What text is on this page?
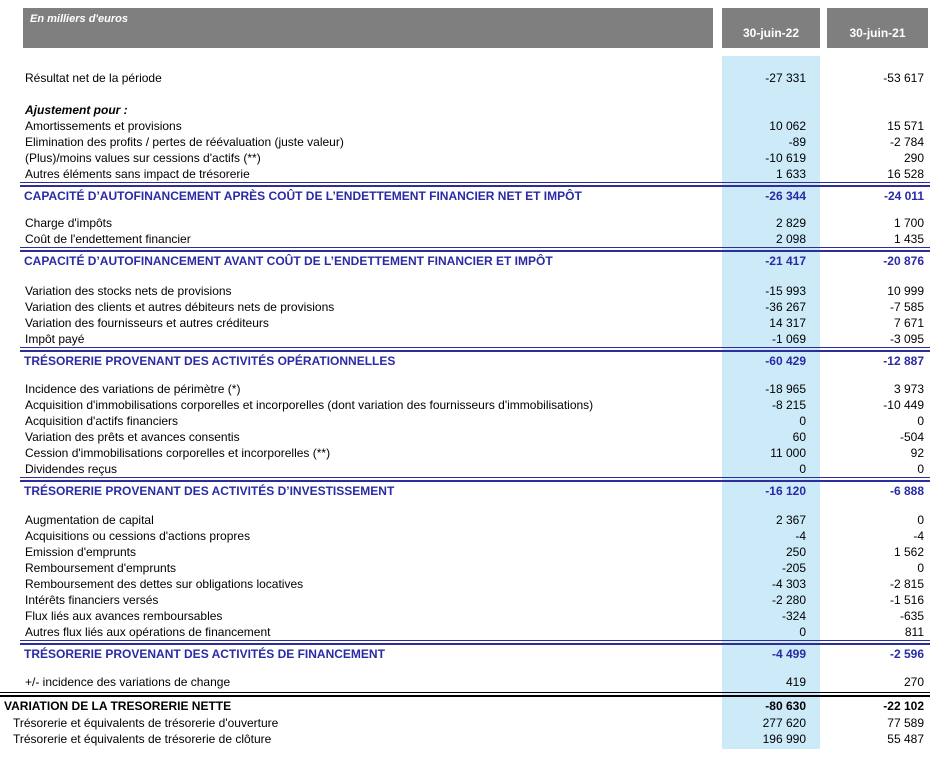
En milliers d'euros
30-juin-22	30-juin-21
Résultat net de la période	-27 331	-53 617
Ajustement pour :
Amortissements et provisions	10 062	15 571
Elimination des profits / pertes de réévaluation (juste valeur)	-89	-2 784
(Plus)/moins values sur cessions d'actifs (**)	-10 619	290
Autres éléments sans impact de trésorerie	1 633	16 528
CAPACITÉ D’AUTOFINANCEMENT APRÈS COÛT DE L’ENDETTEMENT FINANCIER NET ET IMPÔT	-26 344	-24 011
Charge d'impôts	2 829	1 700
Coût de l'endettement financier	2 098	1 435
CAPACITÉ D’AUTOFINANCEMENT AVANT COÛT DE L’ENDETTEMENT FINANCIER ET IMPÔT	-21 417	-20 876
Variation des stocks nets de provisions	-15 993	10 999
Variation des clients et autres débiteurs nets de provisions	-36 267	-7 585
Variation des fournisseurs et autres créditeurs	14 317	7 671
Impôt payé	-1 069	-3 095
TRÉSORERIE PROVENANT DES ACTIVITÉS OPÉRATIONNELLES	-60 429	-12 887
Incidence des variations de périmètre (*)	-18 965	3 973
Acquisition d'immobilisations corporelles et incorporelles (dont variation des fournisseurs d'immobilisations)	-8 215	-10 449
Acquisition d'actifs financiers	0	0
Variation des prêts et avances consentis	60	-504
Cession d'immobilisations corporelles et incorporelles (**)	11 000	92
Dividendes reçus	0	0
TRÉSORERIE PROVENANT DES ACTIVITÉS D’INVESTISSEMENT	-16 120	-6 888
Augmentation de capital	2 367	0
Acquisitions ou cessions d'actions propres	-4	-4
Emission d'emprunts	250	1 562
Remboursement d'emprunts	-205	0
Remboursement des dettes sur obligations locatives	-4 303	-2 815
Intérêts financiers versés	-2 280	-1 516
Flux liés aux avances remboursables	-324	-635
Autres flux liés aux opérations de financement	0	811
TRÉSORERIE PROVENANT DES ACTIVITÉS DE FINANCEMENT	-4 499	-2 596
+/- incidence des variations de change	419	270
VARIATION DE LA TRESORERIE NETTE	-80 630	-22 102
Trésorerie et équivalents de trésorerie d'ouverture	277 620	77 589
Trésorerie et équivalents de trésorerie de clôture	196 990	55 487
